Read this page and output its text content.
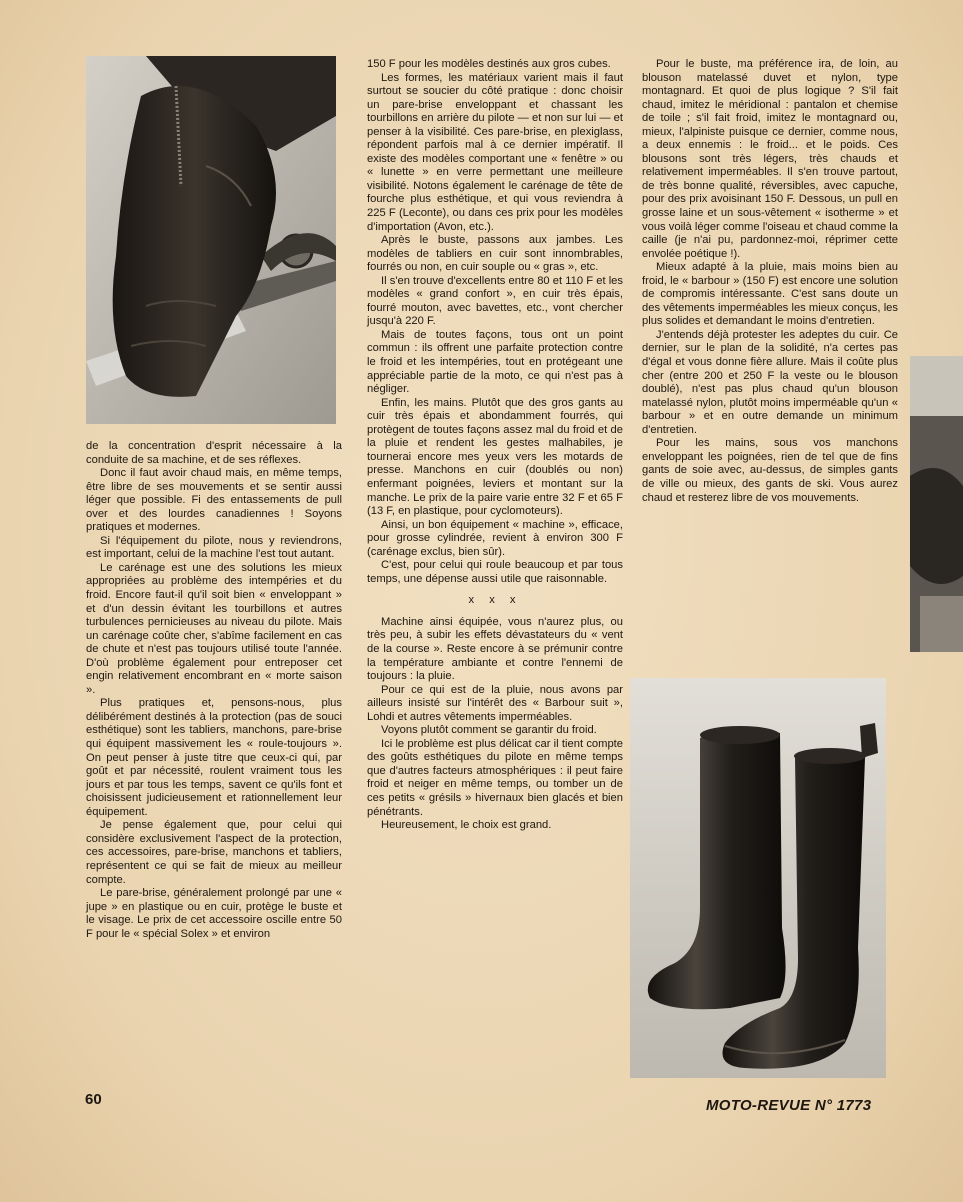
de la concentration d'esprit nécessaire à la conduite de sa machine, et de ses réflexes.

Donc il faut avoir chaud mais, en même temps, être libre de ses mouvements et se sentir aussi léger que possible. Fi des entassements de pull over et des lourdes canadiennes ! Soyons pratiques et modernes.

Si l'équipement du pilote, nous y reviendrons, est important, celui de la machine l'est tout autant.

Le carénage est une des solutions les mieux appropriées au problème des intempéries et du froid. Encore faut-il qu'il soit bien « enveloppant » et d'un dessin évitant les tourbillons et autres turbulences pernicieuses au niveau du pilote. Mais un carénage coûte cher, s'abîme facilement en cas de chute et n'est pas toujours utilisé toute l'année. D'où problème également pour entreposer cet engin relativement encombrant en « morte saison ».

Plus pratiques et, pensons-nous, plus délibérément destinés à la protection (pas de souci esthétique) sont les tabliers, manchons, pare-brise qui équipent massivement les « roule-toujours ». On peut penser à juste titre que ceux-ci qui, par goût et par nécessité, roulent vraiment tous les jours et par tous les temps, savent ce qu'ils font et choisissent judicieusement et rationnellement leur équipement.

Je pense également que, pour celui qui considère exclusivement l'aspect de la protection, ces accessoires, pare-brise, manchons et tabliers, représentent ce qui se fait de mieux au meilleur compte.

Le pare-brise, généralement prolongé par une « jupe » en plastique ou en cuir, protège le buste et le visage. Le prix de cet accessoire oscille entre 50 F pour le « spécial Solex » et environ

150 F pour les modèles destinés aux gros cubes.

Les formes, les matériaux varient mais il faut surtout se soucier du côté pratique : donc choisir un pare-brise enveloppant et chassant les tourbillons en arrière du pilote — et non sur lui — et penser à la visibilité. Ces pare-brise, en plexiglass, répondent parfois mal à ce dernier impératif. Il existe des modèles comportant une « fenêtre » ou « lunette » en verre permettant une meilleure visibilité. Notons également le carénage de tête de fourche plus esthétique, et qui vous reviendra à 225 F (Leconte), ou dans ces prix pour les modèles d'importation (Avon, etc.).

Après le buste, passons aux jambes. Les modèles de tabliers en cuir sont innombrables, fourrés ou non, en cuir souple ou « gras », etc.

Il s'en trouve d'excellents entre 80 et 110 F et les modèles « grand confort », en cuir très épais, fourré mouton, avec bavettes, etc., vont chercher jusqu'à 220 F.

Mais de toutes façons, tous ont un point commun : ils offrent une parfaite protection contre le froid et les intempéries, tout en protégeant une appréciable partie de la moto, ce qui n'est pas à négliger.

Enfin, les mains. Plutôt que des gros gants au cuir très épais et abondamment fourrés, qui protègent de toutes façons assez mal du froid et de la pluie et rendent les gestes malhabiles, je tournerai encore mes yeux vers les motards de presse. Manchons en cuir (doublés ou non) enfermant poignées, leviers et montant sur la manche. Le prix de la paire varie entre 32 F et 65 F (13 F, en plastique, pour cyclomoteurs).

Ainsi, un bon équipement « machine », efficace, pour grosse cylindrée, revient à environ 300 F (carénage exclus, bien sûr).

C'est, pour celui qui roule beaucoup et par tous temps, une dépense aussi utile que raisonnable.

x x x

Machine ainsi équipée, vous n'aurez plus, ou très peu, à subir les effets dévastateurs du « vent de la course ». Reste encore à se prémunir contre la température ambiante et contre l'ennemi de toujours : la pluie.

Pour ce qui est de la pluie, nous avons par ailleurs insisté sur l'intérêt des « Barbour suit », Lohdi et autres vêtements imperméables.

Voyons plutôt comment se garantir du froid.

Ici le problème est plus délicat car il tient compte des goûts esthétiques du pilote en même temps que d'autres facteurs atmosphériques : il peut faire froid et neiger en même temps, ou tomber un de ces petits « grésils » hivernaux bien glacés et bien pénétrants.

Heureusement, le choix est grand.

Pour le buste, ma préférence ira, de loin, au blouson matelassé duvet et nylon, type montagnard. Et quoi de plus logique ? S'il fait chaud, imitez le méridional : pantalon et chemise de toile ; s'il fait froid, imitez le montagnard ou, mieux, l'alpiniste puisque ce dernier, comme nous, a deux ennemis : le froid... et le poids. Ces blousons sont très légers, très chauds et relativement imperméables. Il s'en trouve partout, de très bonne qualité, réversibles, avec capuche, pour des prix avoisinant 150 F. Dessous, un pull en grosse laine et un sous-vêtement « isotherme » et vous voilà léger comme l'oiseau et chaud comme la caille (je n'ai pu, pardonnez-moi, réprimer cette envolée poétique !).

Mieux adapté à la pluie, mais moins bien au froid, le « barbour » (150 F) est encore une solution de compromis intéressante. C'est sans doute un des vêtements imperméables les mieux conçus, les plus solides et demandant le moins d'entretien.

J'entends déjà protester les adeptes du cuir. Ce dernier, sur le plan de la solidité, n'a certes pas d'égal et vous donne fière allure. Mais il coûte plus cher (entre 200 et 250 F la veste ou le blouson doublé), n'est pas plus chaud qu'un blouson matelassé nylon, plutôt moins imperméable qu'un « barbour » et en outre demande un minimum d'entretien.

Pour les mains, sous vos manchons enveloppant les poignées, rien de tel que de fins gants de soie avec, au-dessus, de simples gants de ville ou mieux, des gants de ski. Vous aurez chaud et resterez libre de vos mouvements.

60	MOTO-REVUE N° 1773
